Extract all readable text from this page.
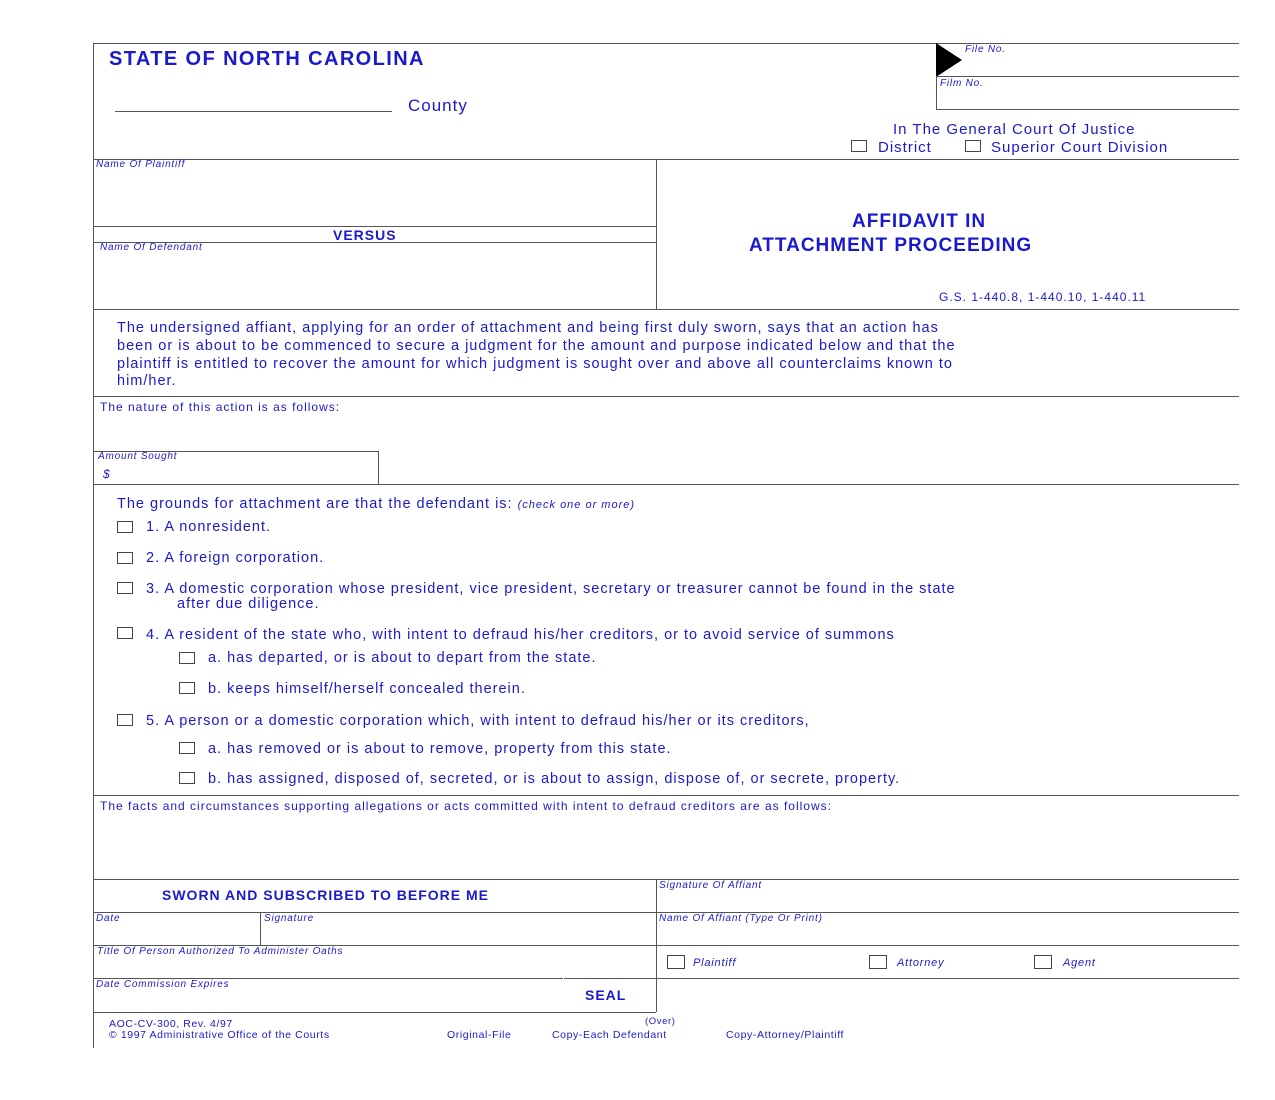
STATE OF NORTH CAROLINA
County
File No.
Film No.
In The General Court Of Justice
District	Superior Court Division
Name Of Plaintiff
VERSUS
Name Of Defendant
AFFIDAVIT IN
ATTACHMENT PROCEEDING
G.S. 1-440.8, 1-440.10, 1-440.11
The undersigned affiant, applying for an order of attachment and being first duly sworn, says that an action has
been or is about to be commenced to secure a judgment for the amount and purpose indicated below and that the
plaintiff is entitled to recover the amount for which judgment is sought over and above all counterclaims known to
him/her.
The nature of this action is as follows:
Amount Sought
$
The grounds for attachment are that the defendant is: (check one or more)
1. A nonresident.
2. A foreign corporation.
3. A domestic corporation whose president, vice president, secretary or treasurer cannot be found in the state
after due diligence.
4. A resident of the state who, with intent to defraud his/her creditors, or to avoid service of summons
a. has departed, or is about to depart from the state.
b. keeps himself/herself concealed therein.
5. A person or a domestic corporation which, with intent to defraud his/her or its creditors,
a. has removed or is about to remove, property from this state.
b. has assigned, disposed of, secreted, or is about to assign, dispose of, or secrete, property.
The facts and circumstances supporting allegations or acts committed with intent to defraud creditors are as follows:
SWORN AND SUBSCRIBED TO BEFORE ME
Date	Signature
Title Of Person Authorized To Administer Oaths
Date Commission Expires
SEAL
Signature Of Affiant
Name Of Affiant (Type Or Print)
Plaintiff	Attorney	Agent
AOC-CV-300, Rev. 4/97	(Over)
© 1997 Administrative Office of the Courts	Original-File	Copy-Each Defendant	Copy-Attorney/Plaintiff
